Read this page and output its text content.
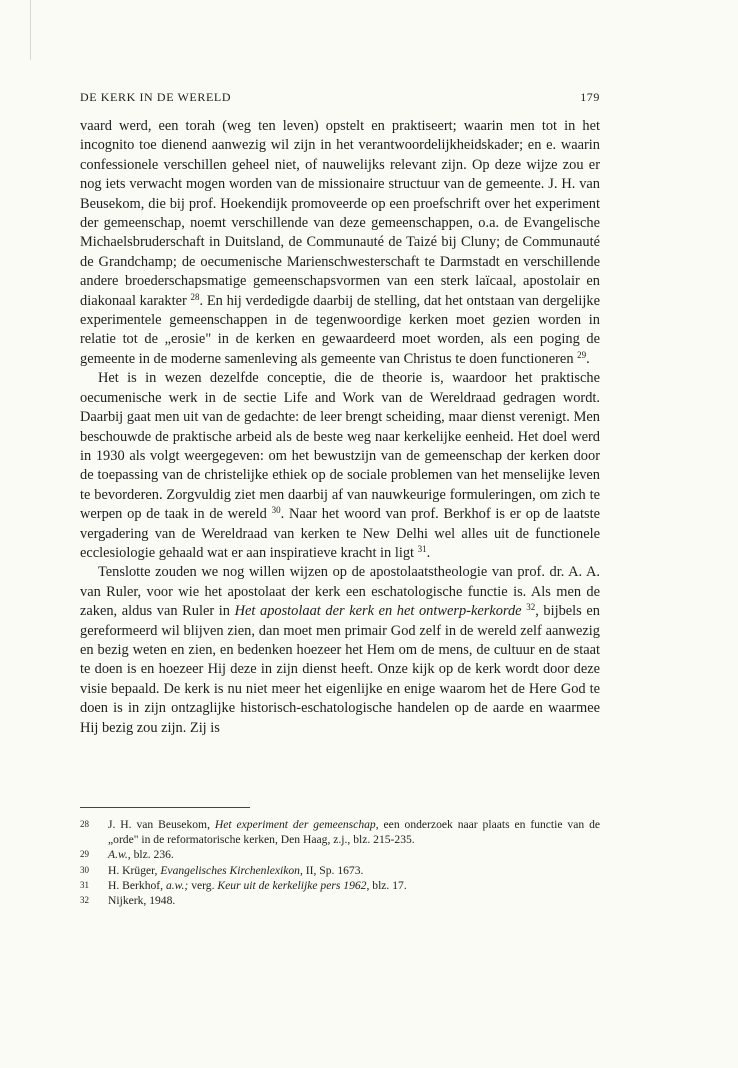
DE KERK IN DE WERELD	179

vaard werd, een torah (weg ten leven) opstelt en praktiseert; waarin men tot in het incognito toe dienend aanwezig wil zijn in het verantwoordelijkheidskader; en e. waarin confessionele verschillen geheel niet, of nauwelijks relevant zijn. Op deze wijze zou er nog iets verwacht mogen worden van de missionaire structuur van de gemeente. J. H. van Beusekom, die bij prof. Hoekendijk promoveerde op een proefschrift over het experiment der gemeenschap, noemt verschillende van deze gemeenschappen, o.a. de Evangelische Michaelsbruderschaft in Duitsland, de Communauté de Taizé bij Cluny; de Communauté de Grandchamp; de oecumenische Marienschwesterschaft te Darmstadt en verschillende andere broederschapsmatige gemeenschapsvormen van een sterk laïcaal, apostolair en diakonaal karakter $^{28}$. En hij verdedigde daarbij de stelling, dat het ontstaan van dergelijke experimentele gemeenschappen in de tegenwoordige kerken moet gezien worden in relatie tot de „erosie" in de kerken en gewaardeerd moet worden, als een poging de gemeente in de moderne samenleving als gemeente van Christus te doen functioneren $^{29}$.

Het is in wezen dezelfde conceptie, die de theorie is, waardoor het praktische oecumenische werk in de sectie Life and Work van de Wereldraad gedragen wordt. Daarbij gaat men uit van de gedachte: de leer brengt scheiding, maar dienst verenigt. Men beschouwde de praktische arbeid als de beste weg naar kerkelijke eenheid. Het doel werd in 1930 als volgt weergegeven: om het bewustzijn van de gemeenschap der kerken door de toepassing van de christelijke ethiek op de sociale problemen van het menselijke leven te bevorderen. Zorgvuldig ziet men daarbij af van nauwkeurige formuleringen, om zich te werpen op de taak in de wereld $^{30}$. Naar het woord van prof. Berkhof is er op de laatste vergadering van de Wereldraad van kerken te New Delhi wel alles uit de functionele ecclesiologie gehaald wat er aan inspiratieve kracht in ligt $^{31}$.

Tenslotte zouden we nog willen wijzen op de apostolaatstheologie van prof. dr. A. A. van Ruler, voor wie het apostolaat der kerk een eschatologische functie is. Als men de zaken, aldus van Ruler in Het apostolaat der kerk en het ontwerp-kerkorde $^{32}$, bijbels en gereformeerd wil blijven zien, dan moet men primair God zelf in de wereld zelf aanwezig en bezig weten en zien, en bedenken hoezeer het Hem om de mens, de cultuur en de staat te doen is en hoezeer Hij deze in zijn dienst heeft. Onze kijk op de kerk wordt door deze visie bepaald. De kerk is nu niet meer het eigenlijke en enige waarom het de Here God te doen is in zijn ontzaglijke historisch-eschatologische handelen op de aarde en waarmee Hij bezig zou zijn. Zij is

28	J. H. van Beusekom, Het experiment der gemeenschap, een onderzoek naar plaats en functie van de „orde" in de reformatorische kerken, Den Haag, z.j., blz. 215-235.
29	A.w., blz. 236.
30	H. Krüger, Evangelisches Kirchenlexikon, II, Sp. 1673.
31	H. Berkhof, a.w.; verg. Keur uit de kerkelijke pers 1962, blz. 17.
32	Nijkerk, 1948.
